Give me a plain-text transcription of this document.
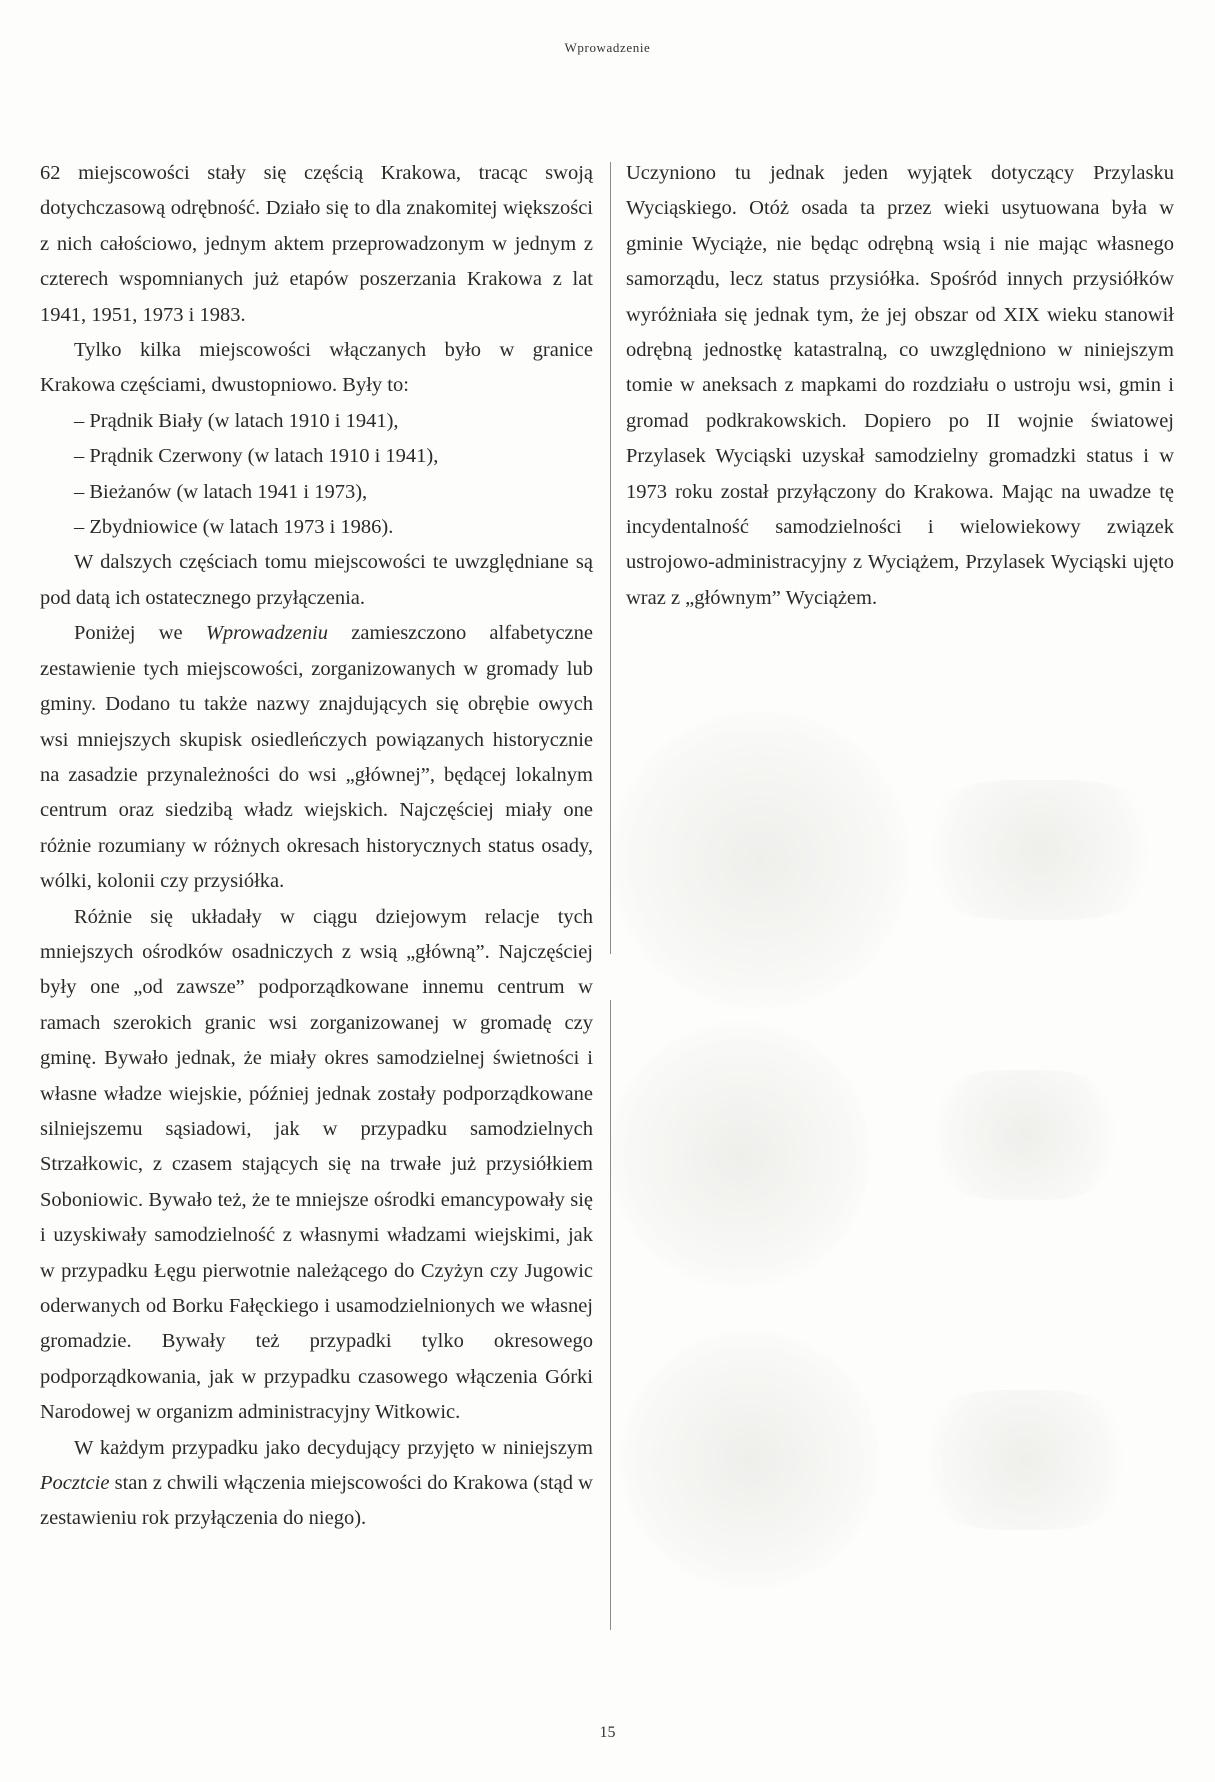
Wprowadzenie

62 miejscowości stały się częścią Krakowa, tracąc swoją dotychczasową odrębność. Działo się to dla znakomitej większości z nich całościowo, jednym aktem przeprowadzonym w jednym z czterech wspomnianych już etapów poszerzania Krakowa z lat 1941, 1951, 1973 i 1983.

Tylko kilka miejscowości włączanych było w granice Krakowa częściami, dwustopniowo. Były to:

– Prądnik Biały (w latach 1910 i 1941),
– Prądnik Czerwony (w latach 1910 i 1941),
– Bieżanów (w latach 1941 i 1973),
– Zbydniowice (w latach 1973 i 1986).

W dalszych częściach tomu miejscowości te uwzględniane są pod datą ich ostatecznego przyłączenia.

Poniżej we Wprowadzeniu zamieszczono alfabetyczne zestawienie tych miejscowości, zorganizowanych w gromady lub gminy. Dodano tu także nazwy znajdujących się obrębie owych wsi mniejszych skupisk osiedleńczych powiązanych historycznie na zasadzie przynależności do wsi „głównej”, będącej lokalnym centrum oraz siedzibą władz wiejskich. Najczęściej miały one różnie rozumiany w różnych okresach historycznych status osady, wólki, kolonii czy przysiółka.

Różnie się układały w ciągu dziejowym relacje tych mniejszych ośrodków osadniczych z wsią „główną”. Najczęściej były one „od zawsze” podporządkowane innemu centrum w ramach szerokich granic wsi zorganizowanej w gromadę czy gminę. Bywało jednak, że miały okres samodzielnej świetności i własne władze wiejskie, później jednak zostały podporządkowane silniejszemu sąsiadowi, jak w przypadku samodzielnych Strzałkowic, z czasem stających się na trwałe już przysiółkiem Soboniowic. Bywało też, że te mniejsze ośrodki emancypowały się i uzyskiwały samodzielność z własnymi władzami wiejskimi, jak w przypadku Łęgu pierwotnie należącego do Czyżyn czy Jugowic oderwanych od Borku Fałęckiego i usamodzielnionych we własnej gromadzie. Bywały też przypadki tylko okresowego podporządkowania, jak w przypadku czasowego włączenia Górki Narodowej w organizm administracyjny Witkowic.

W każdym przypadku jako decydujący przyjęto w niniejszym Pocztcie stan z chwili włączenia miejscowości do Krakowa (stąd w zestawieniu rok przyłączenia do niego).

Uczyniono tu jednak jeden wyjątek dotyczący Przylasku Wyciąskiego. Otóż osada ta przez wieki usytuowana była w gminie Wyciąże, nie będąc odrębną wsią i nie mając własnego samorządu, lecz status przysiółka. Spośród innych przysiółków wyróżniała się jednak tym, że jej obszar od XIX wieku stanowił odrębną jednostkę katastralną, co uwzględniono w niniejszym tomie w aneksach z mapkami do rozdziału o ustroju wsi, gmin i gromad podkrakowskich. Dopiero po II wojnie światowej Przylasek Wyciąski uzyskał samodzielny gromadzki status i w 1973 roku został przyłączony do Krakowa. Mając na uwadze tę incydentalność samodzielności i wielowiekowy związek ustrojowo-administracyjny z Wyciążem, Przylasek Wyciąski ujęto wraz z „głównym” Wyciążem.

15
